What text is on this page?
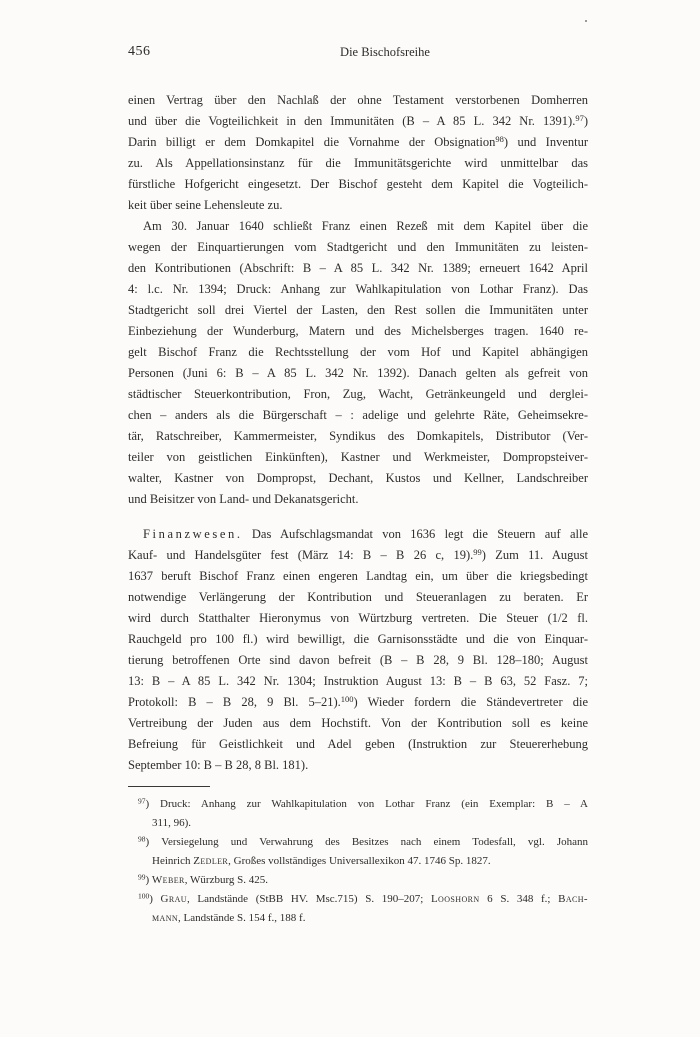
456	Die Bischofsreihe
einen Vertrag über den Nachlaß der ohne Testament verstorbenen Domherren
und über die Vogteilichkeit in den Immunitäten (B – A 85 L. 342 Nr. 1391).$^{97}$)
Darin billigt er dem Domkapitel die Vornahme der Obsignation$^{98}$) und Inventur
zu. Als Appellationsinstanz für die Immunitätsgerichte wird unmittelbar das
fürstliche Hofgericht eingesetzt. Der Bischof gesteht dem Kapitel die Vogteilich-
keit über seine Lehensleute zu.
Am 30. Januar 1640 schließt Franz einen Rezeß mit dem Kapitel über die
wegen der Einquartierungen vom Stadtgericht und den Immunitäten zu leisten-
den Kontributionen (Abschrift: B – A 85 L. 342 Nr. 1389; erneuert 1642 April
4: l.c. Nr. 1394; Druck: Anhang zur Wahlkapitulation von Lothar Franz). Das
Stadtgericht soll drei Viertel der Lasten, den Rest sollen die Immunitäten unter
Einbeziehung der Wunderburg, Matern und des Michelsberges tragen. 1640 re-
gelt Bischof Franz die Rechtsstellung der vom Hof und Kapitel abhängigen
Personen (Juni 6: B – A 85 L. 342 Nr. 1392). Danach gelten als gefreit von
städtischer Steuerkontribution, Fron, Zug, Wacht, Getränkeungeld und derglei-
chen – anders als die Bürgerschaft – : adelige und gelehrte Räte, Geheimsekre-
tär, Ratschreiber, Kammermeister, Syndikus des Domkapitels, Distributor (Ver-
teiler von geistlichen Einkünften), Kastner und Werkmeister, Dompropsteiver-
walter, Kastner von Dompropst, Dechant, Kustos und Kellner, Landschreiber
und Beisitzer von Land- und Dekanatsgericht.
Finanzwesen. Das Aufschlagsmandat von 1636 legt die Steuern auf alle
Kauf- und Handelsgüter fest (März 14: B – B 26 c, 19).$^{99}$) Zum 11. August
1637 beruft Bischof Franz einen engeren Landtag ein, um über die kriegsbedingt
notwendige Verlängerung der Kontribution und Steueranlagen zu beraten. Er
wird durch Statthalter Hieronymus von Würtzburg vertreten. Die Steuer (1/2 fl.
Rauchgeld pro 100 fl.) wird bewilligt, die Garnisonsstädte und die von Einquar-
tierung betroffenen Orte sind davon befreit (B – B 28, 9 Bl. 128–180; August
13: B – A 85 L. 342 Nr. 1304; Instruktion August 13: B – B 63, 52 Fasz. 7;
Protokoll: B – B 28, 9 Bl. 5–21).$^{100}$) Wieder fordern die Ständevertreter die
Vertreibung der Juden aus dem Hochstift. Von der Kontribution soll es keine
Befreiung für Geistlichkeit und Adel geben (Instruktion zur Steuererhebung
September 10: B – B 28, 8 Bl. 181).
$^{97}$) Druck: Anhang zur Wahlkapitulation von Lothar Franz (ein Exemplar: B – A
311, 96).
$^{98}$) Versiegelung und Verwahrung des Besitzes nach einem Todesfall, vgl. Johann
Heinrich Zedler, Großes vollständiges Universallexikon 47. 1746 Sp. 1827.
$^{99}$) Weber, Würzburg S. 425.
$^{100}$) Grau, Landstände (StBB HV. Msc.715) S. 190–207; Looshorn 6 S. 348 f.; Bach-
mann, Landstände S. 154 f., 188 f.
